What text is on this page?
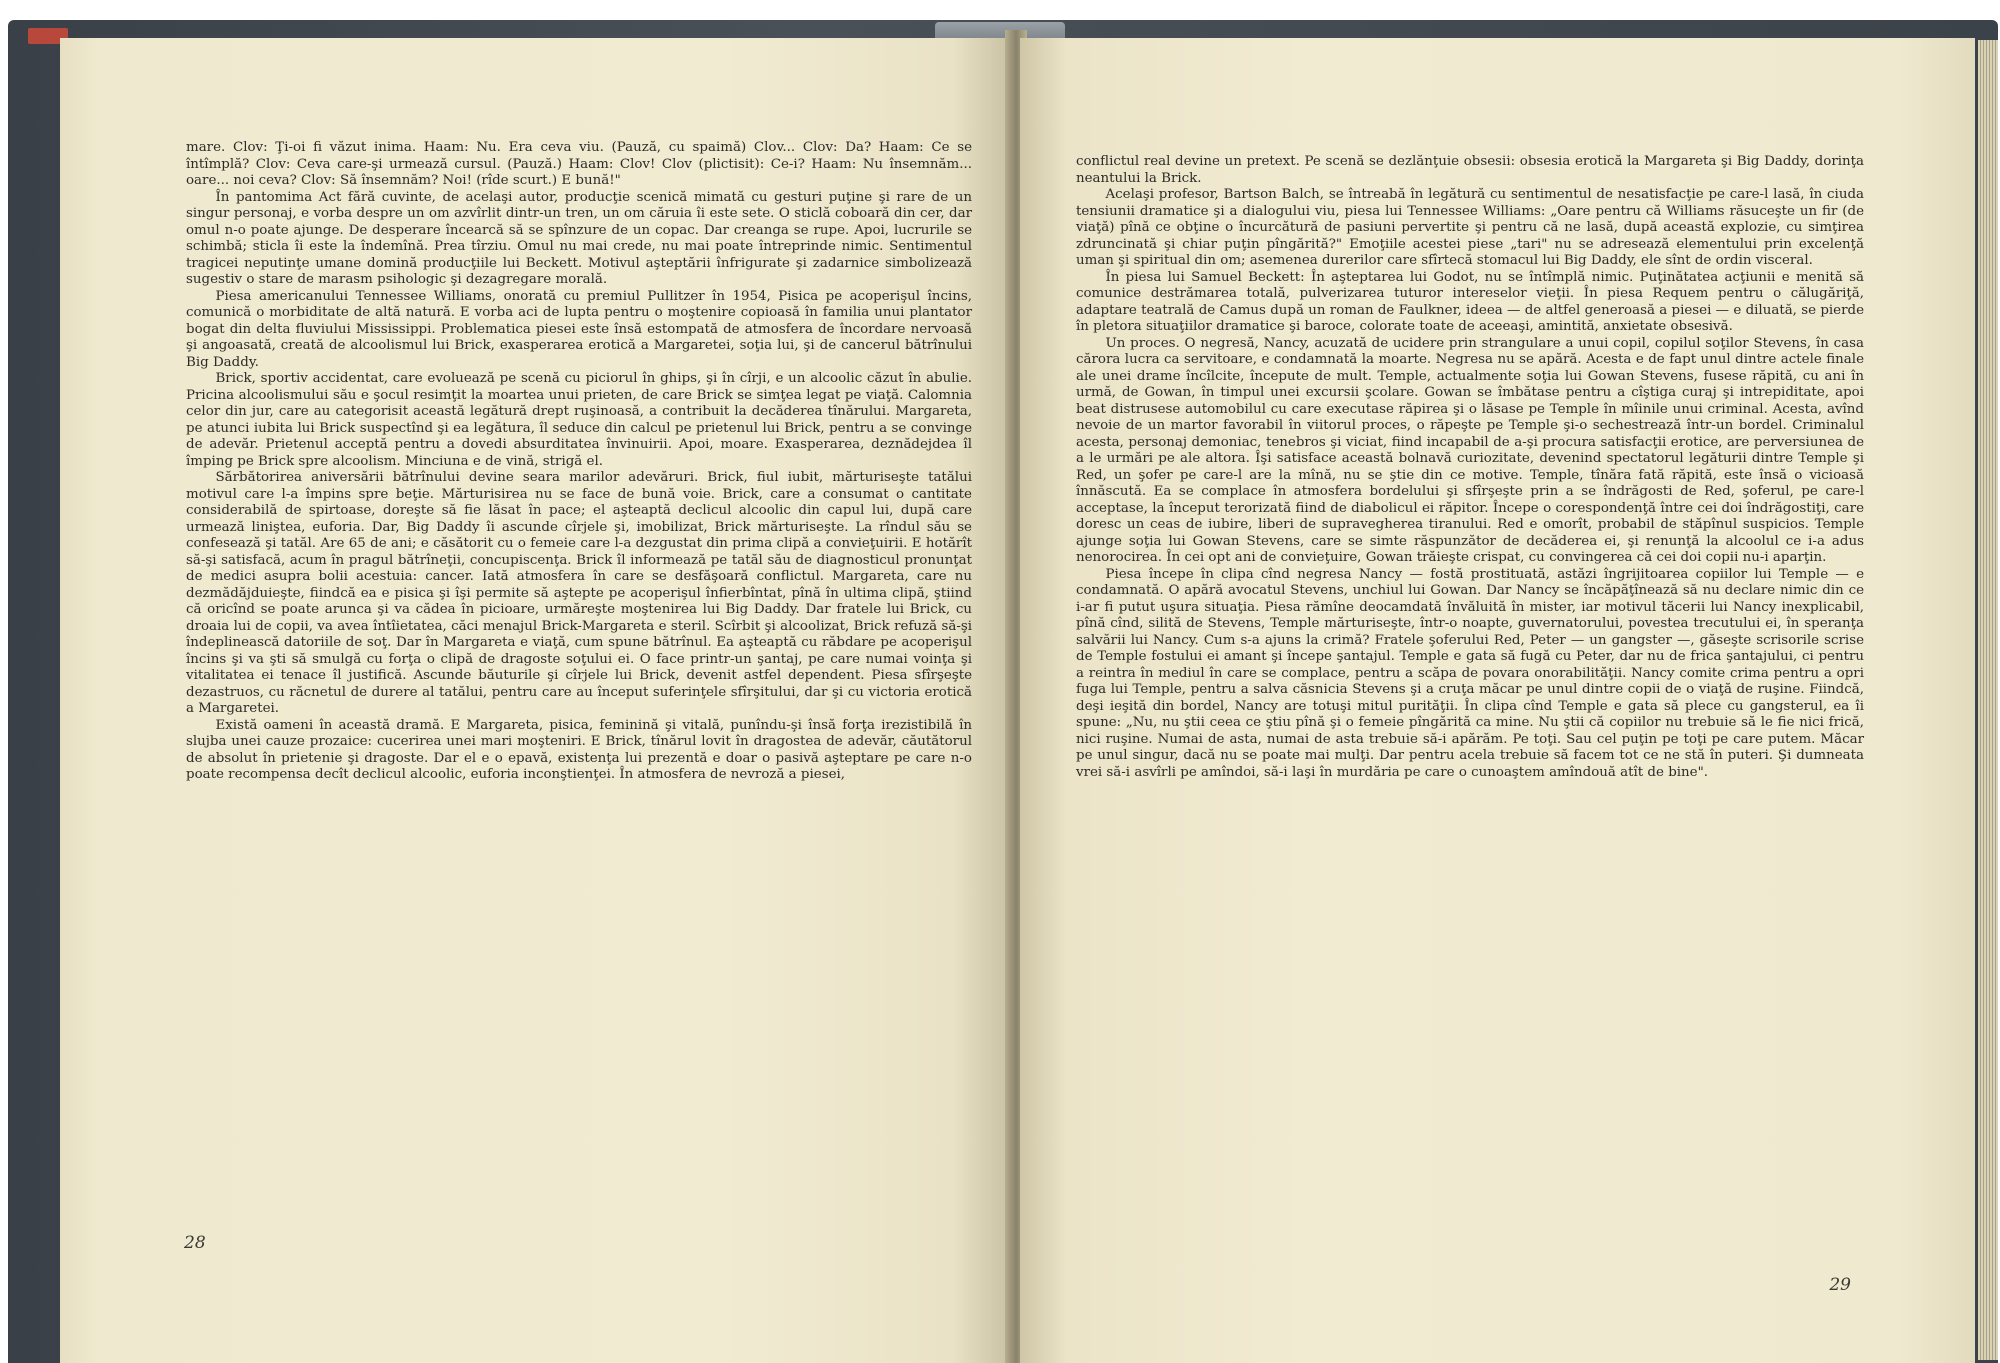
mare. Clov: Ţi-oi fi văzut inima. Haam: Nu. Era ceva viu. (Pauză, cu spaimă) Clov... Clov: Da? Haam: Ce se întîmplă? Clov: Ceva care-şi urmează cursul. (Pauză.) Haam: Clov! Clov (plictisit): Ce-i? Haam: Nu însemnăm... oare... noi ceva? Clov: Să însemnăm? Noi! (rîde scurt.) E bună!"

În pantomima Act fără cuvinte, de acelaşi autor, producţie scenică mimată cu gesturi puţine şi rare de un singur personaj, e vorba despre un om azvîrlit dintr-un tren, un om căruia îi este sete. O sticlă coboară din cer, dar omul n-o poate ajunge. De desperare încearcă să se spînzure de un copac. Dar creanga se rupe. Apoi, lucrurile se schimbă; sticla îi este la îndemînă. Prea tîrziu. Omul nu mai crede, nu mai poate întreprinde nimic. Sentimentul tragicei neputinţe umane domină producţiile lui Beckett. Motivul aşteptării înfrigurate şi zadarnice simbolizează sugestiv o stare de marasm psihologic şi dezagregare morală.

Piesa americanului Tennessee Williams, onorată cu premiul Pullitzer în 1954, Pisica pe acoperişul încins, comunică o morbiditate de altă natură. E vorba aci de lupta pentru o moştenire copioasă în familia unui plantator bogat din delta fluviului Mississippi. Problematica piesei este însă estompată de atmosfera de încordare nervoasă şi angoasată, creată de alcoolismul lui Brick, exasperarea erotică a Margaretei, soţia lui, şi de cancerul bătrînului Big Daddy.

Brick, sportiv accidentat, care evoluează pe scenă cu piciorul în ghips, şi în cîrji, e un alcoolic căzut în abulie. Pricina alcoolismului său e şocul resimţit la moartea unui prieten, de care Brick se simţea legat pe viaţă. Calomnia celor din jur, care au categorisit această legătură drept ruşinoasă, a contribuit la decăderea tînărului. Margareta, pe atunci iubita lui Brick suspectînd şi ea legătura, îl seduce din calcul pe prietenul lui Brick, pentru a se convinge de adevăr. Prietenul acceptă pentru a dovedi absurditatea învinuirii. Apoi, moare. Exasperarea, deznădejdea îl împing pe Brick spre alcoolism. Minciuna e de vină, strigă el.

Sărbătorirea aniversării bătrînului devine seara marilor adevăruri. Brick, fiul iubit, mărturiseşte tatălui motivul care l-a împins spre beţie. Mărturisirea nu se face de bună voie. Brick, care a consumat o cantitate considerabilă de spirtoase, doreşte să fie lăsat în pace; el aşteaptă declicul alcoolic din capul lui, după care urmează liniştea, euforia. Dar, Big Daddy îi ascunde cîrjele şi, imobilizat, Brick mărturiseşte. La rîndul său se confesează şi tatăl. Are 65 de ani; e căsătorit cu o femeie care l-a dezgustat din prima clipă a convieţuirii. E hotărît să-şi satisfacă, acum în pragul bătrîneţii, concupiscenţa. Brick îl informează pe tatăl său de diagnosticul pronunţat de medici asupra bolii acestuia: cancer. Iată atmosfera în care se desfăşoară conflictul. Margareta, care nu dezmădăjduieşte, fiindcă ea e pisica şi îşi permite să aştepte pe acoperişul înfierbîntat, pînă în ultima clipă, ştiind că oricînd se poate arunca şi va cădea în picioare, urmăreşte moştenirea lui Big Daddy. Dar fratele lui Brick, cu droaia lui de copii, va avea întîietatea, căci menajul Brick-Margareta e steril. Scîrbit şi alcoolizat, Brick refuză să-şi îndeplinească datoriile de soţ. Dar în Margareta e viaţă, cum spune bătrînul. Ea aşteaptă cu răbdare pe acoperişul încins şi va şti să smulgă cu forţa o clipă de dragoste soţului ei. O face printr-un şantaj, pe care numai voinţa şi vitalitatea ei tenace îl justifică. Ascunde băuturile şi cîrjele lui Brick, devenit astfel dependent. Piesa sfîrşeşte dezastruos, cu răcnetul de durere al tatălui, pentru care au început suferinţele sfîrşitului, dar şi cu victoria erotică a Margaretei.

Există oameni în această dramă. E Margareta, pisica, feminină şi vitală, punîndu-şi însă forţa irezistibilă în slujba unei cauze prozaice: cucerirea unei mari moşteniri. E Brick, tînărul lovit în dragostea de adevăr, căutătorul de absolut în prietenie şi dragoste. Dar el e o epavă, existenţa lui prezentă e doar o pasivă aşteptare pe care n-o poate recompensa decît declicul alcoolic, euforia inconştienţei. În atmosfera de nevroză a piesei,

28

conflictul real devine un pretext. Pe scenă se dezlănţuie obsesii: obsesia erotică la Margareta şi Big Daddy, dorinţa neantului la Brick.

Acelaşi profesor, Bartson Balch, se întreabă în legătură cu sentimentul de nesatisfacţie pe care-l lasă, în ciuda tensiunii dramatice şi a dialogului viu, piesa lui Tennessee Williams: „Oare pentru că Williams răsuceşte un fir (de viaţă) pînă ce obţine o încurcătură de pasiuni pervertite şi pentru că ne lasă, după această explozie, cu simţirea zdruncinată şi chiar puţin pîngărită?" Emoţiile acestei piese „tari" nu se adresează elementului prin excelenţă uman şi spiritual din om; asemenea durerilor care sfîrtecă stomacul lui Big Daddy, ele sînt de ordin visceral.

În piesa lui Samuel Beckett: În aşteptarea lui Godot, nu se întîmplă nimic. Puţinătatea acţiunii e menită să comunice destrămarea totală, pulverizarea tuturor intereselor vieţii. În piesa Requem pentru o călugăriţă, adaptare teatrală de Camus după un roman de Faulkner, ideea — de altfel generoasă a piesei — e diluată, se pierde în pletora situaţiilor dramatice şi baroce, colorate toate de aceeaşi, amintită, anxietate obsesivă.

Un proces. O negresă, Nancy, acuzată de ucidere prin strangulare a unui copil, copilul soţilor Stevens, în casa cărora lucra ca servitoare, e condamnată la moarte. Negresa nu se apără. Acesta e de fapt unul dintre actele finale ale unei drame încîlcite, începute de mult. Temple, actualmente soţia lui Gowan Stevens, fusese răpită, cu ani în urmă, de Gowan, în timpul unei excursii şcolare. Gowan se îmbătase pentru a cîştiga curaj şi intrepiditate, apoi beat distrusese automobilul cu care executase răpirea şi o lăsase pe Temple în mîinile unui criminal. Acesta, avînd nevoie de un martor favorabil în viitorul proces, o răpeşte pe Temple şi-o sechestrează într-un bordel. Criminalul acesta, personaj demoniac, tenebros şi viciat, fiind incapabil de a-şi procura satisfacţii erotice, are perversiunea de a le urmări pe ale altora. Îşi satisface această bolnavă curiozitate, devenind spectatorul legăturii dintre Temple şi Red, un şofer pe care-l are la mînă, nu se ştie din ce motive. Temple, tînăra fată răpită, este însă o vicioasă înnăscută. Ea se complace în atmosfera bordelului şi sfîrşeşte prin a se îndrăgosti de Red, şoferul, pe care-l acceptase, la început terorizată fiind de diabolicul ei răpitor. Începe o corespondenţă între cei doi îndrăgostiţi, care doresc un ceas de iubire, liberi de supravegherea tiranului. Red e omorît, probabil de stăpînul suspicios. Temple ajunge soţia lui Gowan Stevens, care se simte răspunzător de decăderea ei, şi renunţă la alcoolul ce i-a adus nenorocirea. În cei opt ani de convieţuire, Gowan trăieşte crispat, cu convingerea că cei doi copii nu-i aparţin.

Piesa începe în clipa cînd negresa Nancy — fostă prostituată, astăzi îngrijitoarea copiilor lui Temple — e condamnată. O apără avocatul Stevens, unchiul lui Gowan. Dar Nancy se încăpăţînează să nu declare nimic din ce i-ar fi putut uşura situaţia. Piesa rămîne deocamdată învăluită în mister, iar motivul tăcerii lui Nancy inexplicabil, pînă cînd, silită de Stevens, Temple mărturiseşte, într-o noapte, guvernatorului, povestea trecutului ei, în speranţa salvării lui Nancy. Cum s-a ajuns la crimă? Fratele şoferului Red, Peter — un gangster —, găseşte scrisorile scrise de Temple fostului ei amant şi începe şantajul. Temple e gata să fugă cu Peter, dar nu de frica şantajului, ci pentru a reintra în mediul în care se complace, pentru a scăpa de povara onorabilităţii. Nancy comite crima pentru a opri fuga lui Temple, pentru a salva căsnicia Stevens şi a cruţa măcar pe unul dintre copii de o viaţă de ruşine. Fiindcă, deşi ieşită din bordel, Nancy are totuşi mitul purităţii. În clipa cînd Temple e gata să plece cu gangsterul, ea îi spune: „Nu, nu ştii ceea ce ştiu pînă şi o femeie pîngărită ca mine. Nu ştii că copiilor nu trebuie să le fie nici frică, nici ruşine. Numai de asta, numai de asta trebuie să-i apărăm. Pe toţi. Sau cel puţin pe toţi pe care putem. Măcar pe unul singur, dacă nu se poate mai mulţi. Dar pentru acela trebuie să facem tot ce ne stă în puteri. Şi dumneata vrei să-i asvîrli pe amîndoi, să-i laşi în murdăria pe care o cunoaştem amîndouă atît de bine".

29
